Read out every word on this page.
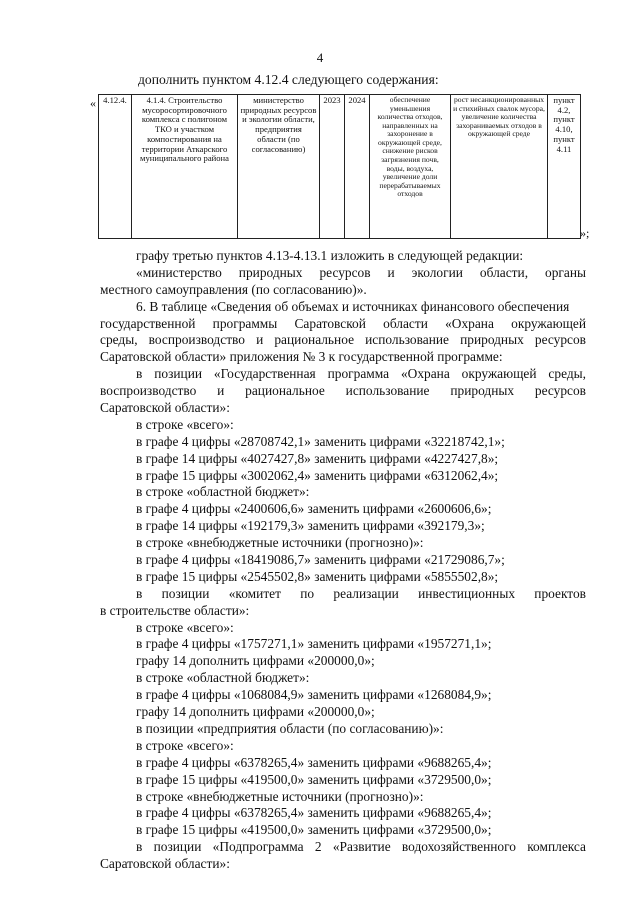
4
дополнить пунктом 4.12.4 следующего содержания:
« 4.12.4.	4.1.4. Строительство мусоросортировочного комплекса с полигоном ТКО и участком компостирования на территории Аткарского муниципального района	министерство природных ресурсов и экологии области, предприятия области (по согласованию)	2023	2024	обеспечение уменьшения количества отходов, направленных на захоронение в окружающей среде, снижение рисков загрязнения почв, воды, воздуха, увеличение доли перерабатываемых отходов	рост несанкционированных и стихийных свалок мусора, увеличение количества захораниваемых отходов в окружающей среде	пункт 4.2, пункт 4.10, пункт 4.11
»;
графу третью пунктов 4.13-4.13.1 изложить в следующей редакции:
«министерство природных ресурсов и экологии области, органы
местного самоуправления (по согласованию)».
6. В таблице «Сведения об объемах и источниках финансового обеспечения
государственной программы Саратовской области «Охрана окружающей
среды, воспроизводство и рациональное использование природных ресурсов
Саратовской области» приложения № 3 к государственной программе:
в позиции «Государственная программа «Охрана окружающей среды,
воспроизводство и рациональное использование природных ресурсов
Саратовской области»:
в строке «всего»:
в графе 4 цифры «28708742,1» заменить цифрами «32218742,1»;
в графе 14 цифры «4027427,8» заменить цифрами «4227427,8»;
в графе 15 цифры «3002062,4» заменить цифрами «6312062,4»;
в строке «областной бюджет»:
в графе 4 цифры «2400606,6» заменить цифрами «2600606,6»;
в графе 14 цифры «192179,3» заменить цифрами «392179,3»;
в строке «внебюджетные источники (прогнозно)»:
в графе 4 цифры «18419086,7» заменить цифрами «21729086,7»;
в графе 15 цифры «2545502,8» заменить цифрами «5855502,8»;
в позиции «комитет по реализации инвестиционных проектов
в строительстве области»:
в строке «всего»:
в графе 4 цифры «1757271,1» заменить цифрами «1957271,1»;
графу 14 дополнить цифрами «200000,0»;
в строке «областной бюджет»:
в графе 4 цифры «1068084,9» заменить цифрами «1268084,9»;
графу 14 дополнить цифрами «200000,0»;
в позиции «предприятия области (по согласованию)»:
в строке «всего»:
в графе 4 цифры «6378265,4» заменить цифрами «9688265,4»;
в графе 15 цифры «419500,0» заменить цифрами «3729500,0»;
в строке «внебюджетные источники (прогнозно)»:
в графе 4 цифры «6378265,4» заменить цифрами «9688265,4»;
в графе 15 цифры «419500,0» заменить цифрами «3729500,0»;
в позиции «Подпрограмма 2 «Развитие водохозяйственного комплекса
Саратовской области»:
